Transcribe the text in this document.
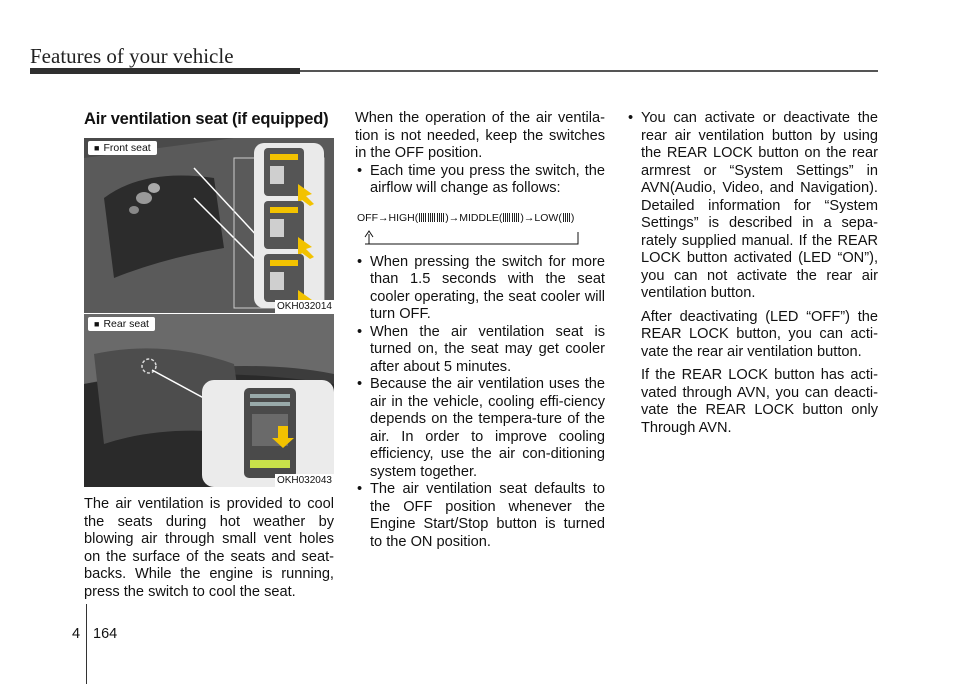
Features of your vehicle
Air ventilation seat (if equipped)
■ Front seat
OKH032014
■ Rear seat
OKH032043

The air ventilation is provided to cool the seats during hot weather by blowing air through small vent holes on the surface of the seats and seat-backs. While the engine is running, press the switch to cool the seat.

When the operation of the air ventila-tion is not needed, keep the switches in the OFF position.

• Each time you press the switch, the airflow will change as follows:
OFF→HIGH(	)→MIDDLE( )→LOW( )
• When pressing the switch for more than 1.5 seconds with the seat cooler operating, the seat cooler will turn OFF.
• When the air ventilation seat is turned on, the seat may get cooler after about 5 minutes.
• Because the air ventilation uses the air in the vehicle, cooling effi-ciency depends on the tempera-ture of the air. In order to improve cooling efficiency, use the air con-ditioning system together.
• The air ventilation seat defaults to the OFF position whenever the Engine Start/Stop button is turned to the ON position.
• You can activate or deactivate the rear air ventilation button by using the REAR LOCK button on the rear armrest or “System Settings” in AVN(Audio, Video, and Navigation). Detailed information for “System Settings” is described in a sepa-rately supplied manual. If the REAR LOCK button activated (LED “ON”), you can not activate the rear air ventilation button.

After deactivating (LED “OFF”) the REAR LOCK button, you can acti-vate the rear air ventilation button.

If the REAR LOCK button has acti-vated through AVN, you can deacti-vate the REAR LOCK button only Through AVN.

4 164
